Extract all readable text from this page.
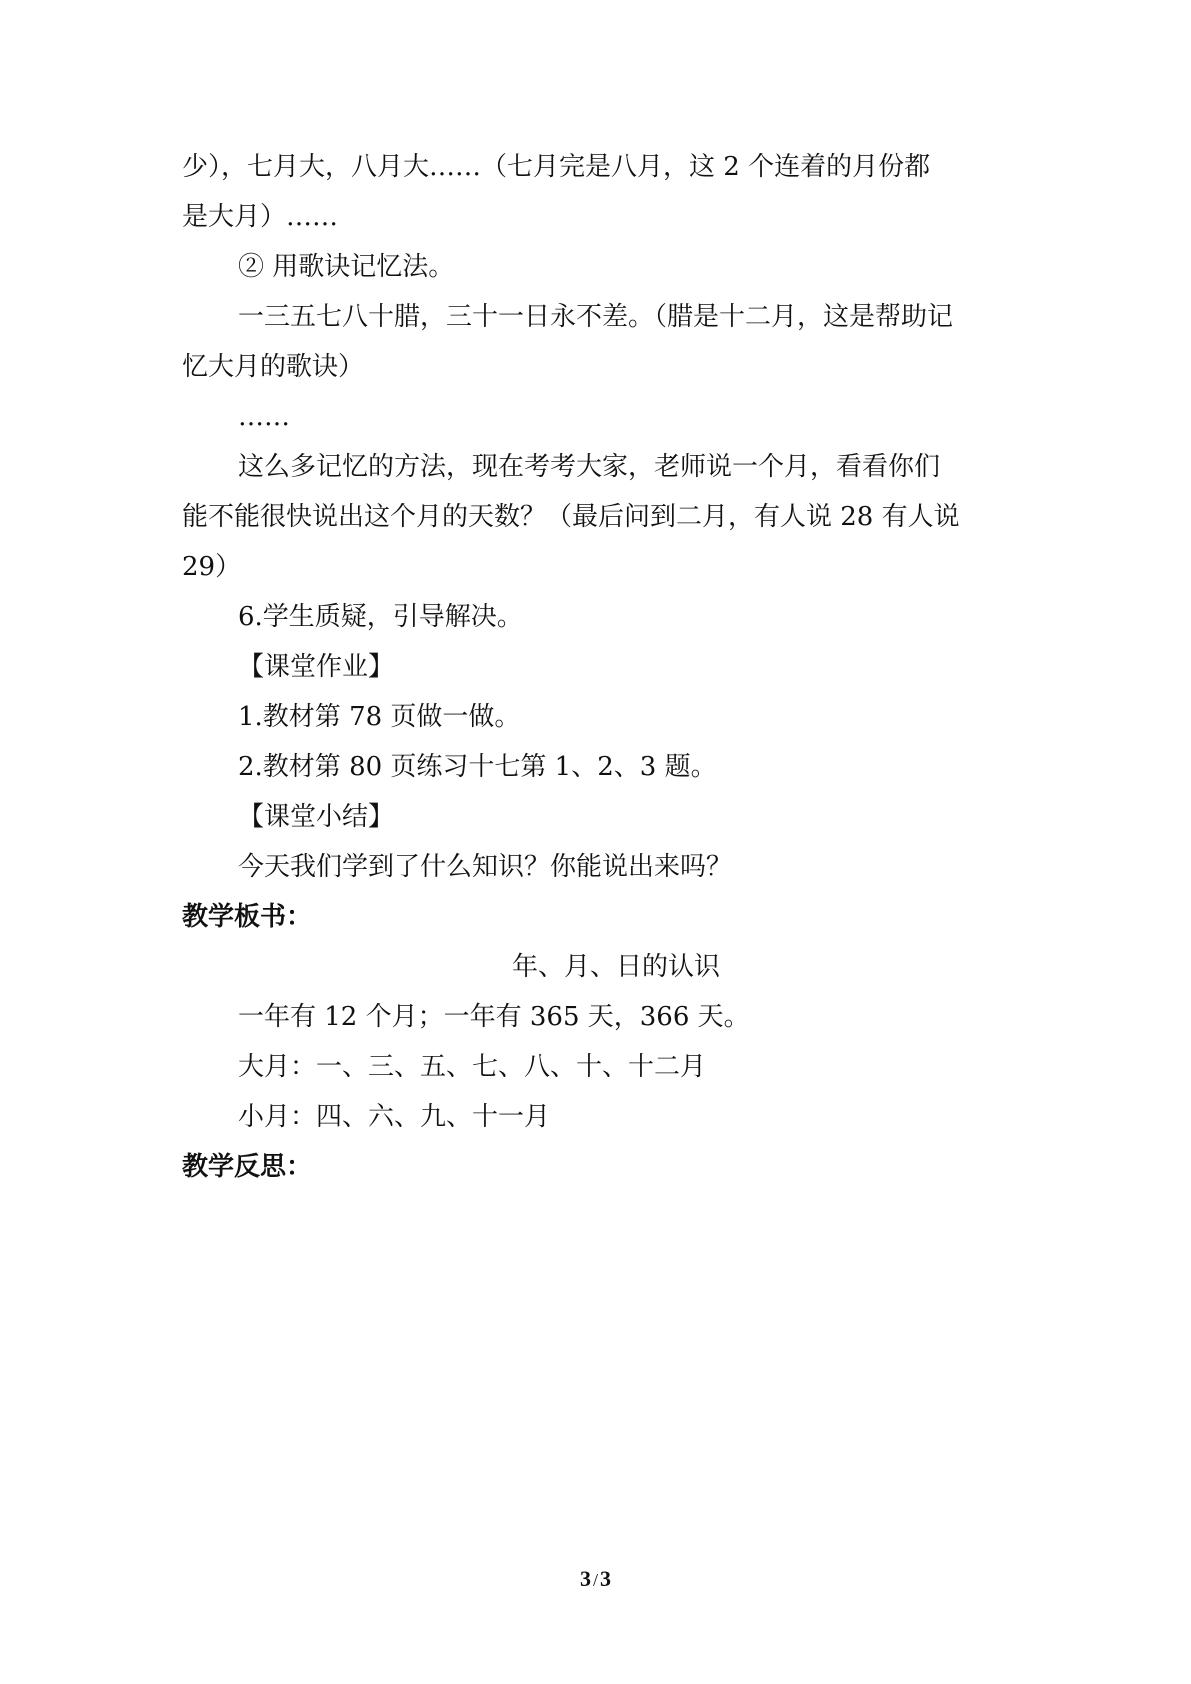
少），七月大，八月大……（七月完是八月，这 2 个连着的月份都

是大月）……

② 用歌诀记忆法。

一三五七八十腊，三十一日永不差。（腊是十二月，这是帮助记

忆大月的歌诀）

……

这么多记忆的方法，现在考考大家，老师说一个月，看看你们

能不能很快说出这个月的天数？（最后问到二月，有人说 28 有人说

29）

6.学生质疑，引导解决。

【课堂作业】

1.教材第 78 页做一做。

2.教材第 80 页练习十七第 1、2、3 题。

【课堂小结】

今天我们学到了什么知识？你能说出来吗？

教学板书：

年、月、日的认识

一年有 12 个月；一年有 365 天，366 天。

大月：一、三、五、七、八、十、十二月

小月：四、六、九、十一月

教学反思：

3 /3
